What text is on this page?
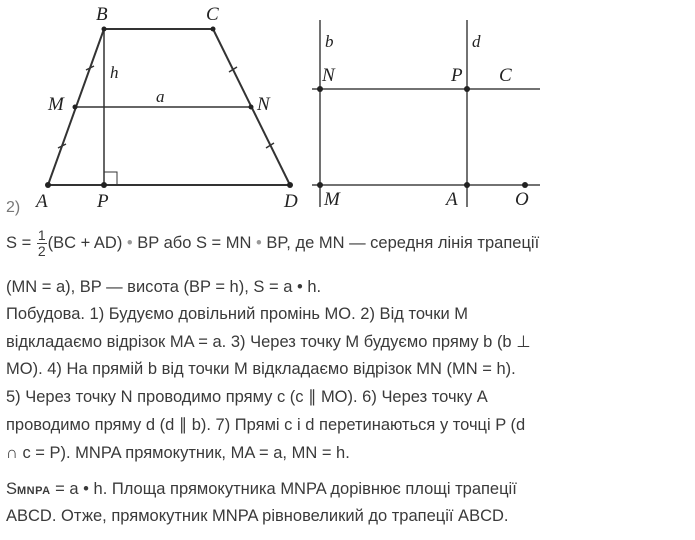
B	C
M	N
h
a
A	P	D
b	d
N	P C
M	A	O
2)
$S = \frac{1}{2} (BC + AD)$ • BP або S = MN • BP, де MN — середня лінія трапеції
(MN = a), BP — висота (BP = h), S = a • h.
Побудова. 1) Будуємо довільний промінь MO. 2) Від точки M
відкладаємо відрізок MA = a. 3) Через точку M будуємо пряму b (b ⊥
MO). 4) На прямій b від точки M відкладаємо відрізок MN (MN = h).
5) Через точку N проводимо пряму c (c ∥ MO). 6) Через точку A
проводимо пряму d (d ∥ b). 7) Прямі c і d перетинаються у точці P (d
∩ c = P). MNPA прямокутник, MA = a, MN = h.
SMNPA = a • h. Площа прямокутника MNPA дорівнює площі трапеції
ABCD. Отже, прямокутник MNPA рівновеликий до трапеції ABCD.
